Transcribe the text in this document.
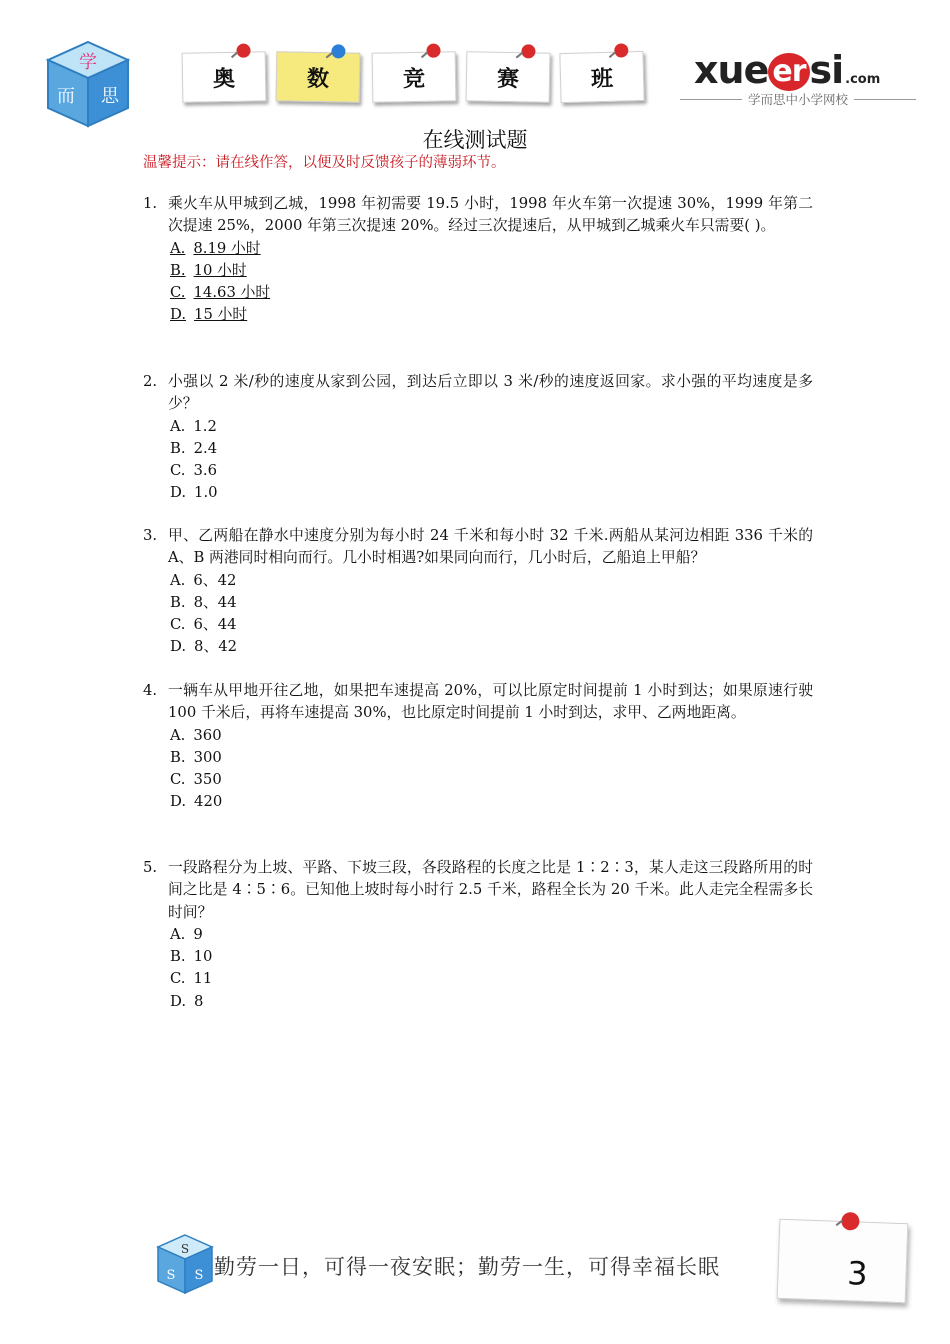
学
而 思
奥	数	竞	赛	班 xue er si .com
学而思中小学网校
在线测试题
温馨提示：请在线作答，以便及时反馈孩子的薄弱环节。
1. 乘火车从甲城到乙城，1998 年初需要 19.5 小时，1998 年火车第一次提速 30%，1999 年第二次提速 25%，2000 年第三次提速 20%。经过三次提速后，从甲城到乙城乘火车只需要( )。
A. 8.19 小时
B. 10 小时
C. 14.63 小时
D. 15 小时
2. 小强以 2 米/秒的速度从家到公园，到达后立即以 3 米/秒的速度返回家。求小强的平均速度是多少？
A. 1.2
B. 2.4
C. 3.6
D. 1.0
3. 甲、乙两船在静水中速度分别为每小时 24 千米和每小时 32 千米.两船从某河边相距 336 千米的 A、B 两港同时相向而行。几小时相遇?如果同向而行，几小时后，乙船追上甲船？
A. 6、42
B. 8、44
C. 6、44
D. 8、42
4. 一辆车从甲地开往乙地，如果把车速提高 20%，可以比原定时间提前 1 小时到达；如果原速行驶 100 千米后，再将车速提高 30%，也比原定时间提前 1 小时到达，求甲、乙两地距离。
A. 360
B. 300
C. 350
D. 420
5. 一段路程分为上坡、平路、下坡三段，各段路程的长度之比是 1∶2∶3，某人走这三段路所用的时间之比是 4∶5∶6。已知他上坡时每小时行 2.5 千米，路程全长为 20 千米。此人走完全程需多长时间？
A. 9
B. 10
C. 11
D. 8
S
S S 勤劳一日，可得一夜安眠；勤劳一生，可得幸福长眠	3
